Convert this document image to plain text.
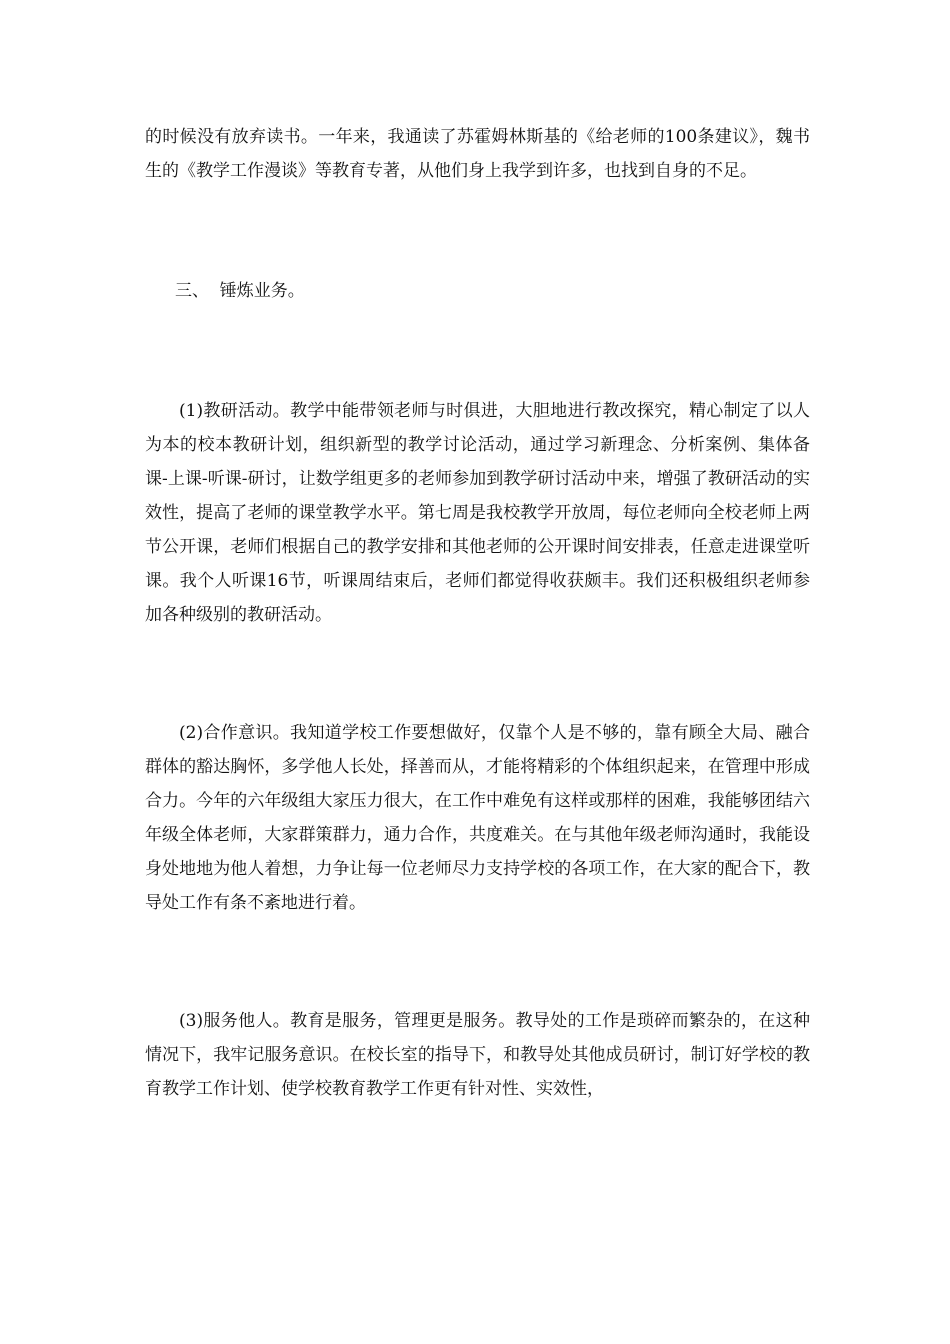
的时候没有放弃读书。一年来，我通读了苏霍姆林斯基的《给老师的100条建议》，魏书生的《教学工作漫谈》等教育专著，从他们身上我学到许多，也找到自身的不足。

三、  锤炼业务。

(1)教研活动。教学中能带领老师与时俱进，大胆地进行教改探究，精心制定了以人为本的校本教研计划，组织新型的教学讨论活动，通过学习新理念、分析案例、集体备课-上课-听课-研讨，让数学组更多的老师参加到教学研讨活动中来，增强了教研活动的实效性，提高了老师的课堂教学水平。第七周是我校教学开放周，每位老师向全校老师上两节公开课，老师们根据自己的教学安排和其他老师的公开课时间安排表，任意走进课堂听课。我个人听课16节，听课周结束后，老师们都觉得收获颇丰。我们还积极组织老师参加各种级别的教研活动。

(2)合作意识。我知道学校工作要想做好，仅靠个人是不够的，靠有顾全大局、融合群体的豁达胸怀，多学他人长处，择善而从，才能将精彩的个体组织起来，在管理中形成合力。今年的六年级组大家压力很大，在工作中难免有这样或那样的困难，我能够团结六年级全体老师，大家群策群力，通力合作，共度难关。在与其他年级老师沟通时，我能设身处地地为他人着想，力争让每一位老师尽力支持学校的各项工作，在大家的配合下，教导处工作有条不紊地进行着。

(3)服务他人。教育是服务，管理更是服务。教导处的工作是琐碎而繁杂的，在这种情况下，我牢记服务意识。在校长室的指导下，和教导处其他成员研讨，制订好学校的教育教学工作计划、使学校教育教学工作更有针对性、实效性，
